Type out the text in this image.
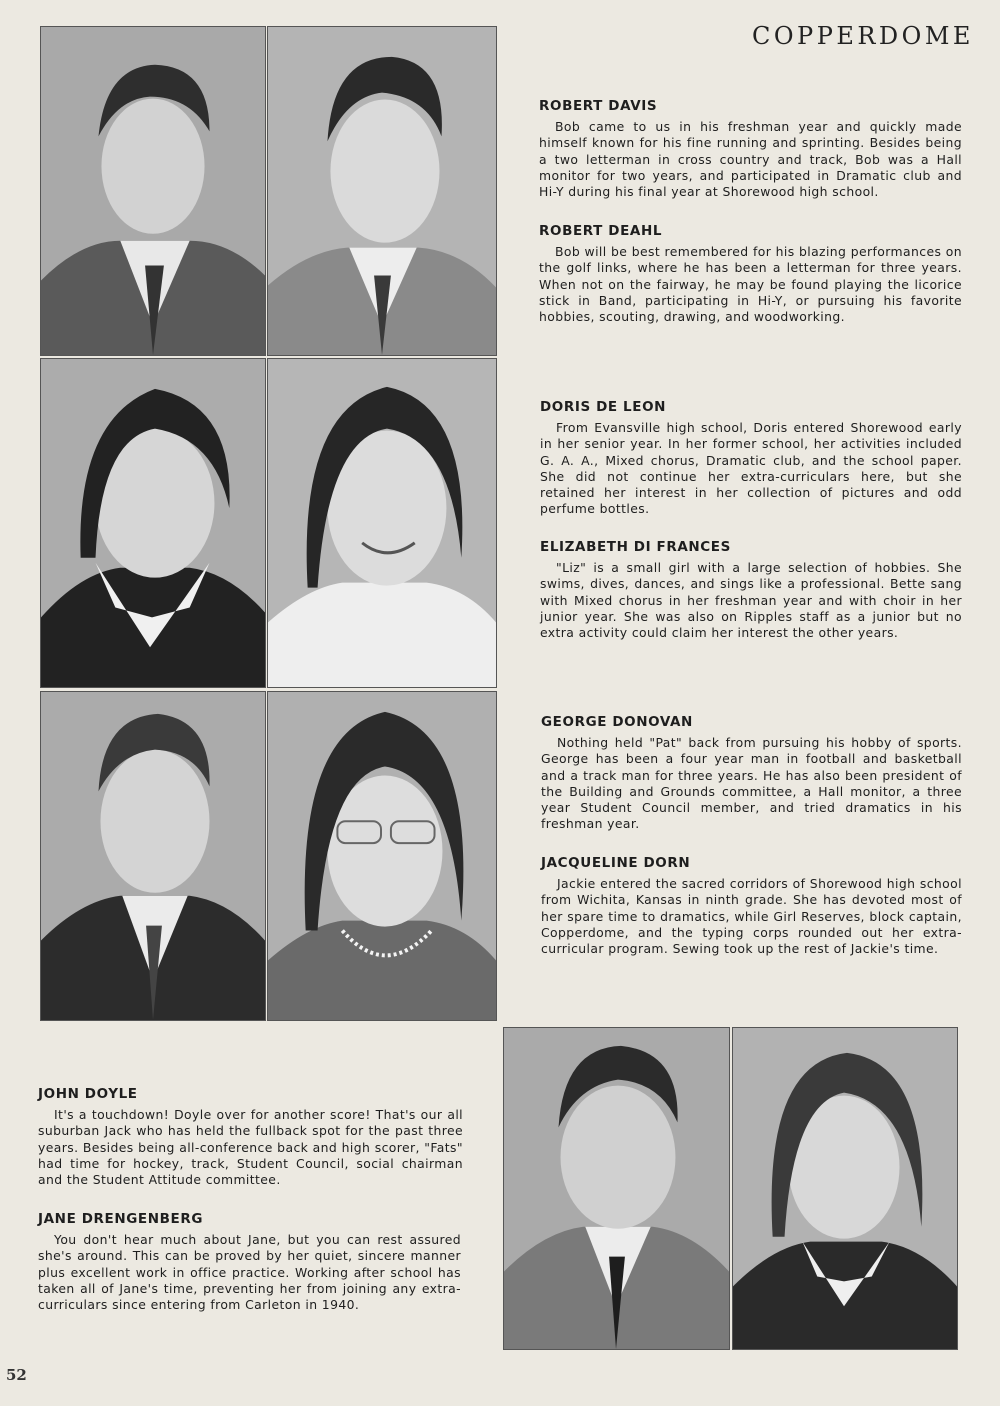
COPPERDOME
ROBERT DAVIS
Bob came to us in his freshman year and quickly made himself known for his fine running and sprinting. Besides being a two letterman in cross country and track, Bob was a Hall monitor for two years, and participated in Dramatic club and Hi-Y during his final year at Shorewood high school.
ROBERT DEAHL
Bob will be best remembered for his blazing performances on the golf links, where he has been a letterman for three years. When not on the fairway, he may be found playing the licorice stick in Band, participating in Hi-Y, or pursuing his favorite hobbies, scouting, drawing, and woodworking.
DORIS DE LEON
From Evansville high school, Doris entered Shorewood early in her senior year. In her former school, her activities included G. A. A., Mixed chorus, Dramatic club, and the school paper. She did not continue her extra-curriculars here, but she retained her interest in her collection of pictures and odd perfume bottles.
ELIZABETH DI FRANCES
"Liz" is a small girl with a large selection of hobbies. She swims, dives, dances, and sings like a professional. Bette sang with Mixed chorus in her freshman year and with choir in her junior year. She was also on Ripples staff as a junior but no extra activity could claim her interest the other years.
GEORGE DONOVAN
Nothing held "Pat" back from pursuing his hobby of sports. George has been a four year man in football and basketball and a track man for three years. He has also been president of the Building and Grounds committee, a Hall monitor, a three year Student Council member, and tried dramatics in his freshman year.
JACQUELINE DORN
Jackie entered the sacred corridors of Shorewood high school from Wichita, Kansas in ninth grade. She has devoted most of her spare time to dramatics, while Girl Reserves, block captain, Copperdome, and the typing corps rounded out her extra-curricular program. Sewing took up the rest of Jackie's time.
JOHN DOYLE
It's a touchdown! Doyle over for another score! That's our all suburban Jack who has held the fullback spot for the past three years. Besides being all-conference back and high scorer, "Fats" had time for hockey, track, Student Council, social chairman and the Student Attitude committee.
JANE DRENGENBERG
You don't hear much about Jane, but you can rest assured she's around. This can be proved by her quiet, sincere manner plus excellent work in office practice. Working after school has taken all of Jane's time, preventing her from joining any extra-curriculars since entering from Carleton in 1940.
52
